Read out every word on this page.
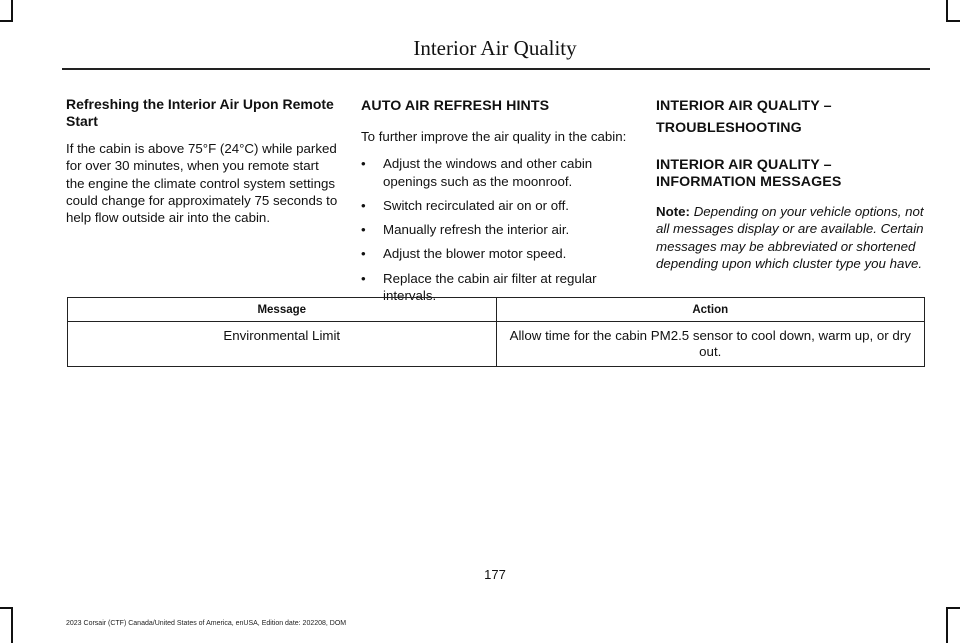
Interior Air Quality
Refreshing the Interior Air Upon Remote Start
If the cabin is above 75°F (24°C) while parked for over 30 minutes, when you remote start the engine the climate control system settings could change for approximately 75 seconds to help flow outside air into the cabin.
AUTO AIR REFRESH HINTS
To further improve the air quality in the cabin:
• Adjust the windows and other cabin openings such as the moonroof.
• Switch recirculated air on or off.
• Manually refresh the interior air.
• Adjust the blower motor speed.
• Replace the cabin air filter at regular intervals.
INTERIOR AIR QUALITY –
TROUBLESHOOTING
INTERIOR AIR QUALITY – INFORMATION MESSAGES
Note: Depending on your vehicle options, not all messages display or are available. Certain messages may be abbreviated or shortened depending upon which cluster type you have.
Message	Action
Environmental Limit	Allow time for the cabin PM2.5 sensor to cool down, warm up, or dry out.
177
2023 Corsair (CTF) Canada/United States of America, enUSA, Edition date: 202208, DOM
